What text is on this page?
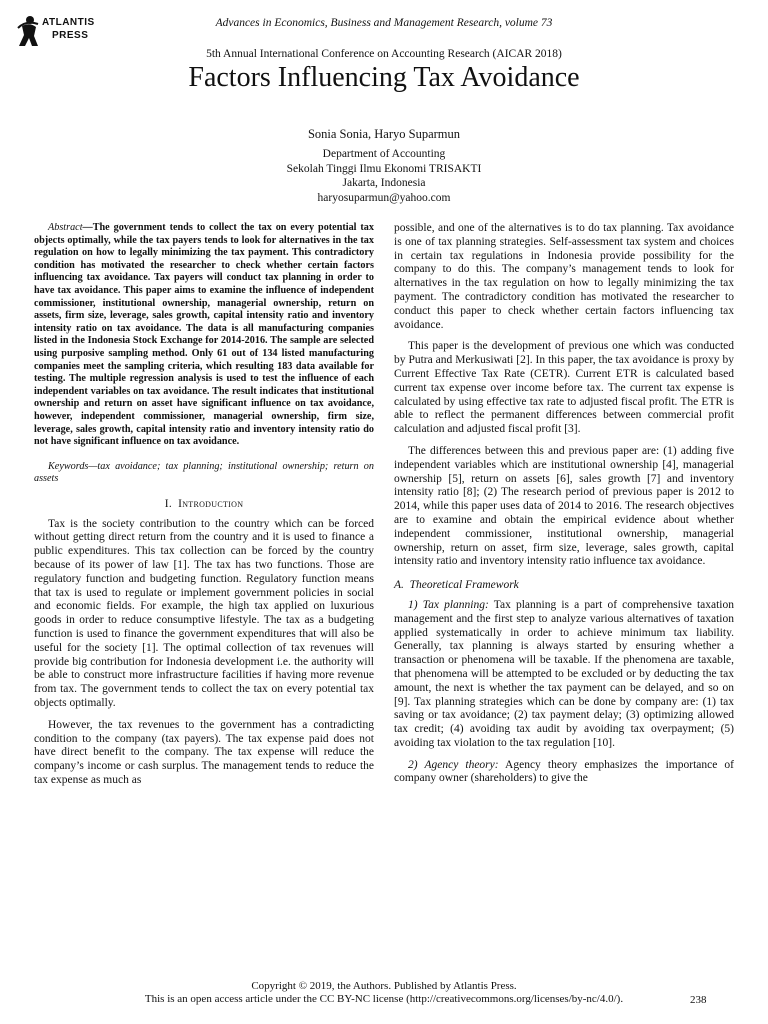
ATLANTIS
PRESS
Advances in Economics, Business and Management Research, volume 73
5th Annual International Conference on Accounting Research (AICAR 2018)
Factors Influencing Tax Avoidance
Sonia Sonia, Haryo Suparmun
Department of Accounting
Sekolah Tinggi Ilmu Ekonomi TRISAKTI
Jakarta, Indonesia
haryosuparmun@yahoo.com
Abstract—The government tends to collect the tax on every potential tax objects optimally, while the tax payers tends to look for alternatives in the tax regulation on how to legally minimizing the tax payment. This contradictory condition has motivated the researcher to check whether certain factors influencing tax avoidance. Tax payers will conduct tax planning in order to have tax avoidance. This paper aims to examine the influence of independent commissioner, institutional ownership, managerial ownership, return on assets, firm size, leverage, sales growth, capital intensity ratio and inventory intensity ratio on tax avoidance. The data is all manufacturing companies listed in the Indonesia Stock Exchange for 2014-2016. The sample are selected using purposive sampling method. Only 61 out of 134 listed manufacturing companies meet the sampling criteria, which resulting 183 data available for testing. The multiple regression analysis is used to test the influence of each independent variables on tax avoidance. The result indicates that institutional ownership and return on asset have significant influence on tax avoidance, however, independent commissioner, managerial ownership, firm size, leverage, sales growth, capital intensity ratio and inventory intensity ratio do not have significant influence on tax avoidance.
Keywords—tax avoidance; tax planning; institutional ownership; return on assets
I. Introduction

Tax is the society contribution to the country which can be forced without getting direct return from the country and it is used to finance a public expenditures. This tax collection can be forced by the country because of its power of law [1]. The tax has two functions. Those are regulatory function and budgeting function. Regulatory function means that tax is used to regulate or implement government policies in social and economic fields. For example, the high tax applied on luxurious goods in order to reduce consumptive lifestyle. The tax as a budgeting function is used to finance the government expenditures that will also be useful for the society [1]. The optimal collection of tax revenues will provide big contribution for Indonesia development i.e. the authority will be able to construct more infrastructure facilities if having more revenue from tax. The government tends to collect the tax on every potential tax objects optimally.

However, the tax revenues to the government has a contradicting condition to the company (tax payers). The tax expense paid does not have direct benefit to the company. The tax expense will reduce the company’s income or cash surplus. The management tends to reduce the tax expense as much as

possible, and one of the alternatives is to do tax planning. Tax avoidance is one of tax planning strategies. Self-assessment tax system and choices in certain tax regulations in Indonesia provide possibility for the company to do this. The company’s management tends to look for alternatives in the tax regulation on how to legally minimizing the tax payment. The contradictory condition has motivated the researcher to conduct this paper to check whether certain factors influencing tax avoidance.

This paper is the development of previous one which was conducted by Putra and Merkusiwati [2]. In this paper, the tax avoidance is proxy by Current Effective Tax Rate (CETR). Current ETR is calculated based current tax expense over income before tax. The current tax expense is calculated by using effective tax rate to adjusted fiscal profit. The ETR is able to reflect the permanent differences between commercial profit calculation and adjusted fiscal profit [3].

The differences between this and previous paper are: (1) adding five independent variables which are institutional ownership [4], managerial ownership [5], return on assets [6], sales growth [7] and inventory intensity ratio [8]; (2) The research period of previous paper is 2012 to 2014, while this paper uses data of 2014 to 2016. The research objectives are to examine and obtain the empirical evidence about whether independent commissioner, institutional ownership, managerial ownership, return on asset, firm size, leverage, sales growth, capital intensity ratio and inventory intensity ratio influence tax avoidance.

A. Theoretical Framework

1) Tax planning: Tax planning is a part of comprehensive taxation management and the first step to analyze various alternatives of taxation applied systematically in order to achieve minimum tax liability. Generally, tax planning is always started by ensuring whether a transaction or phenomena will be taxable. If the phenomena are taxable, that phenomena will be attempted to be excluded or by deducting the tax amount, the next is whether the tax payment can be delayed, and so on [9]. Tax planning strategies which can be done by company are: (1) tax saving or tax avoidance; (2) tax payment delay; (3) optimizing allowed tax credit; (4) avoiding tax audit by avoiding tax overpayment; (5) avoiding tax violation to the tax regulation [10].

2) Agency theory: Agency theory emphasizes the importance of company owner (shareholders) to give the

Copyright © 2019, the Authors. Published by Atlantis Press.
This is an open access article under the CC BY-NC license (http://creativecommons.org/licenses/by-nc/4.0/).	238
